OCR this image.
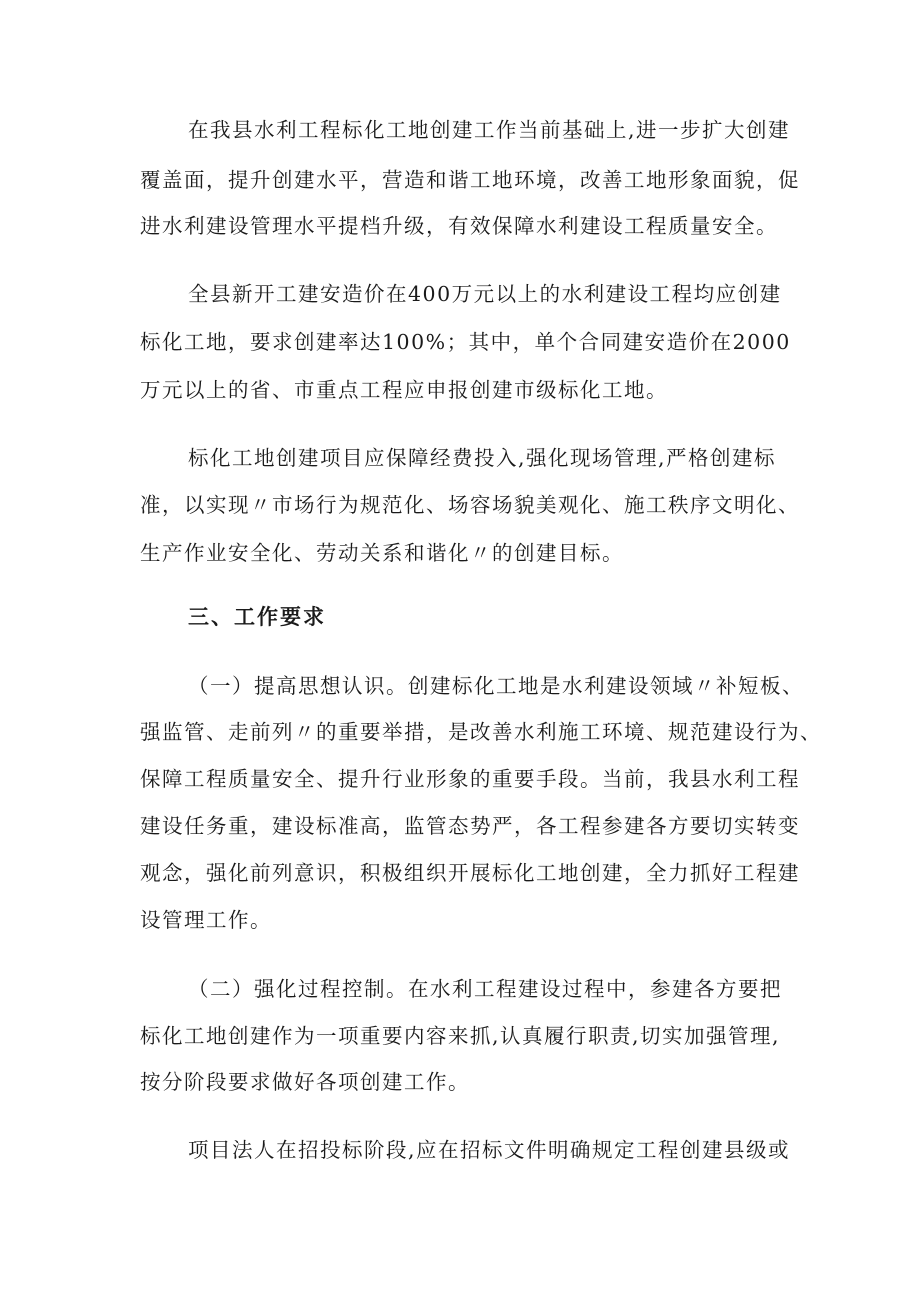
在我县水利工程标化工地创建工作当前基础上,进一步扩大创建
覆盖面，提升创建水平，营造和谐工地环境，改善工地形象面貌，促
进水利建设管理水平提档升级，有效保障水利建设工程质量安全。
全县新开工建安造价在400万元以上的水利建设工程均应创建
标化工地，要求创建率达100%；其中，单个合同建安造价在2000
万元以上的省、市重点工程应申报创建市级标化工地。
标化工地创建项目应保障经费投入,强化现场管理,严格创建标
准，以实现〃市场行为规范化、场容场貌美观化、施工秩序文明化、
生产作业安全化、劳动关系和谐化〃的创建目标。
三、工作要求
（一）提高思想认识。创建标化工地是水利建设领域〃补短板、
强监管、走前列〃的重要举措，是改善水利施工环境、规范建设行为、
保障工程质量安全、提升行业形象的重要手段。当前，我县水利工程
建设任务重，建设标准高，监管态势严，各工程参建各方要切实转变
观念，强化前列意识，积极组织开展标化工地创建，全力抓好工程建
设管理工作。
（二）强化过程控制。在水利工程建设过程中，参建各方要把
标化工地创建作为一项重要内容来抓,认真履行职责,切实加强管理,
按分阶段要求做好各项创建工作。
项目法人在招投标阶段,应在招标文件明确规定工程创建县级或
